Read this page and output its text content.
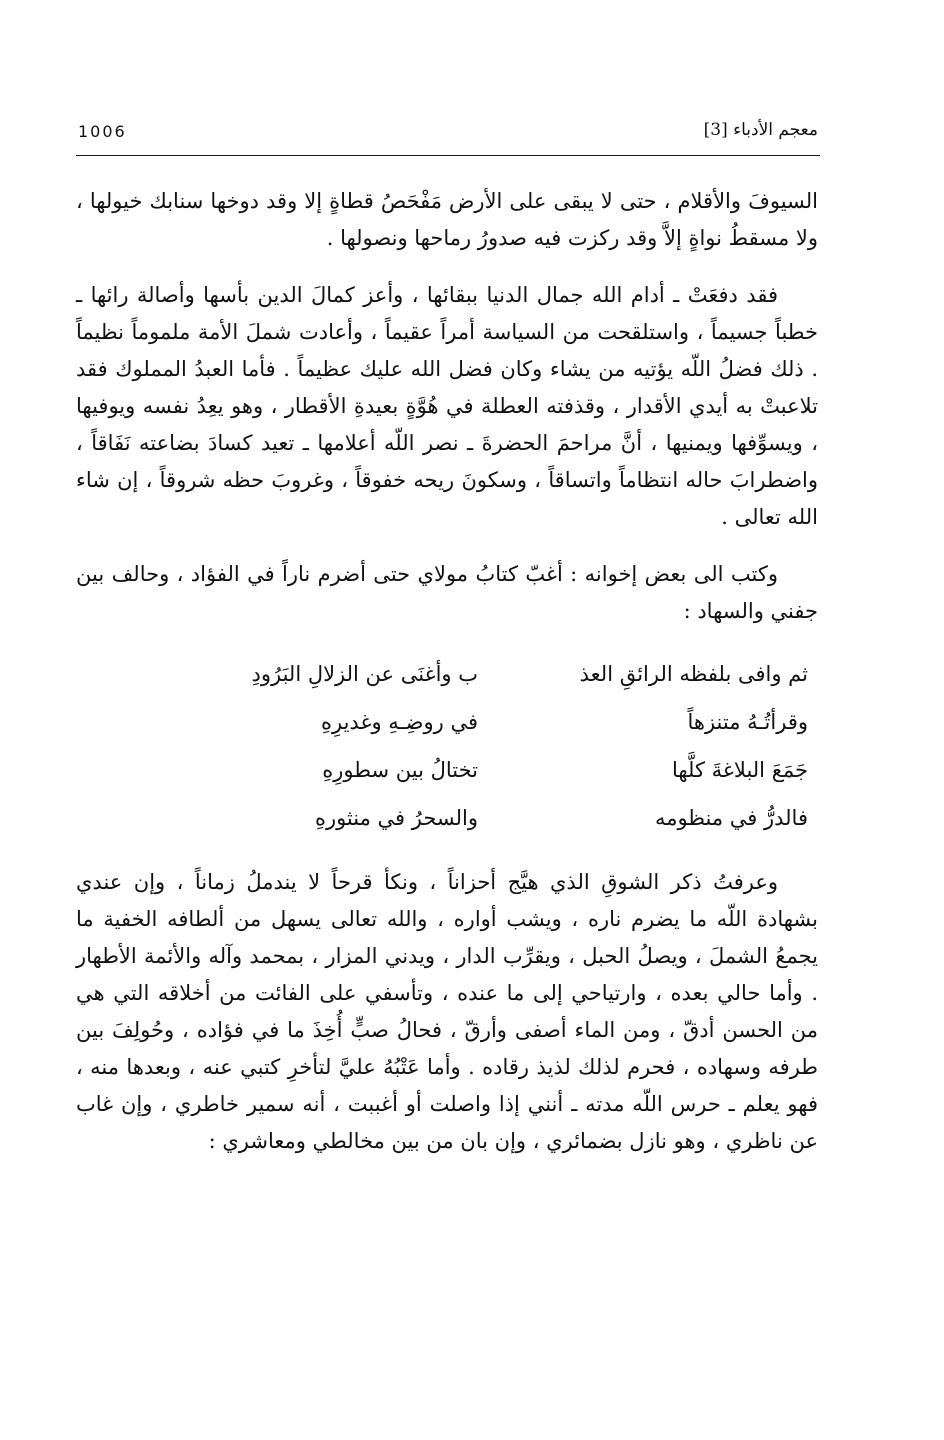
معجم الأدباء [3]
1006

السيوفَ والأقلام ، حتى لا يبقى على الأرض مَفْحَصُ قطاةٍ إلا وقد دوخها سنابك خيولها ، ولا مسقطُ نواةٍ إلاَّ وقد ركزت فيه صدورُ رماحها ونصولها .

فقد دفعَتْ ـ أدام الله جمال الدنيا ببقائها ، وأعز كمالَ الدين بأسها وأصالة رائها ـ خطباً جسيماً ، واستلقحت من السياسة أمراً عقيماً ، وأعادت شملَ الأمة ملموماً نظيماً . ذلك فضلُ اللّه يؤتيه من يشاء وكان فضل الله عليك عظيماً . فأما العبدُ المملوك فقد تلاعبتْ به أيدي الأقدار ، وقذفته العطلة في هُوَّةٍ بعيدةِ الأقطار ، وهو يعِدُ نفسه ويوفيها ، ويسوِّفها ويمنيها ، أنَّ مراحمَ الحضرةَ ـ نصر اللّه أعلامها ـ تعيد كسادَ بضاعته نَفَاقاً ، واضطرابَ حاله انتظاماً واتساقاً ، وسكونَ ريحه خفوقاً ، وغروبَ حظه شروقاً ، إن شاء الله تعالى .

وكتب الى بعض إخوانه : أغبّ كتابُ مولاي حتى أضرم ناراً في الفؤاد ، وحالف بين جفني والسهاد :

ثم وافى بلفظه الرائقِ العذ
ب وأغنَى عن الزلالِ البَرُودِ
وقرأتُـهُ متنزهاً
في روضِـهِ وغديرِهِ
جَمَعَ البلاغةَ كلَّها
تختالُ بين سطورِهِ
فالدرُّ في منظومه
والسحرُ في منثورهِ

وعرفتُ ذكر الشوقِ الذي هيَّج أحزاناً ، ونكأ قرحاً لا يندملُ زماناً ، وإن عندي بشهادة اللّه ما يضرم ناره ، ويشب أواره ، والله تعالى يسهل من ألطافه الخفية ما يجمعُ الشملَ ، ويصلُ الحبل ، ويقرِّب الدار ، ويدني المزار ، بمحمد وآله والأئمة الأطهار . وأما حالي بعده ، وارتياحي إلى ما عنده ، وتأسفي على الفائت من أخلاقه التي هي من الحسن أدقّ ، ومن الماء أصفى وأرقّ ، فحالُ صبٍّ أُخِذَ ما في فؤاده ، وحُولِفَ بين طرفه وسهاده ، فحرم لذلك لذيذ رقاده . وأما عَتْبُهُ عليَّ لتأخرِ كتبي عنه ، وبعدها منه ، فهو يعلم ـ حرس اللّه مدته ـ أنني إذا واصلت أو أغببت ، أنه سمير خاطري ، وإن غاب عن ناظري ، وهو نازل بضمائري ، وإن بان من بين مخالطي ومعاشري :
